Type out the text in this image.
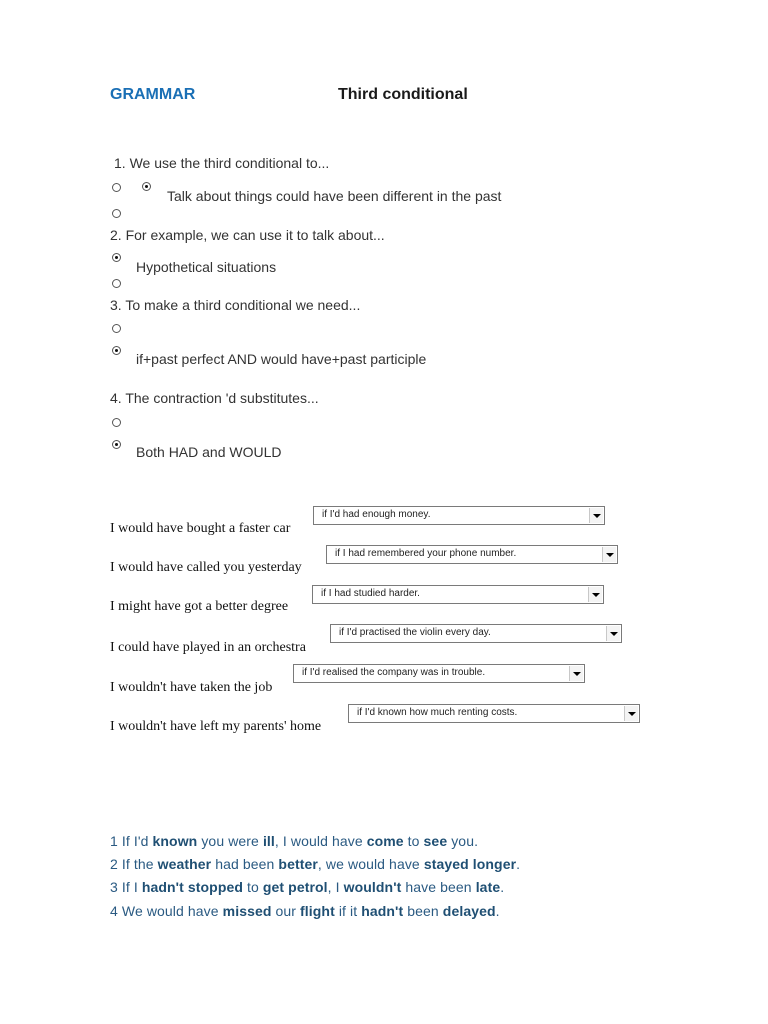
GRAMMAR	Third conditional
1. We use the third conditional to...
Talk about things could have been different in the past
2. For example, we can use it to talk about...
Hypothetical situations
3. To make a third conditional we need...
if+past perfect AND would have+past participle
4. The contraction 'd substitutes...
Both HAD and WOULD
I would have bought a faster car
if I'd had enough money.
I would have called you yesterday
if I had remembered your phone number.
I might have got a better degree
if I had studied harder.
I could have played in an orchestra
if I'd practised the violin every day.
I wouldn't have taken the job
if I'd realised the company was in trouble.
I wouldn't have left my parents' home
if I'd known how much renting costs.
1 If I'd known you were ill, I would have come to see you.
2 If the weather had been better, we would have stayed longer.
3 If I hadn't stopped to get petrol, I wouldn't have been late.
4 We would have missed our flight if it hadn't been delayed.
